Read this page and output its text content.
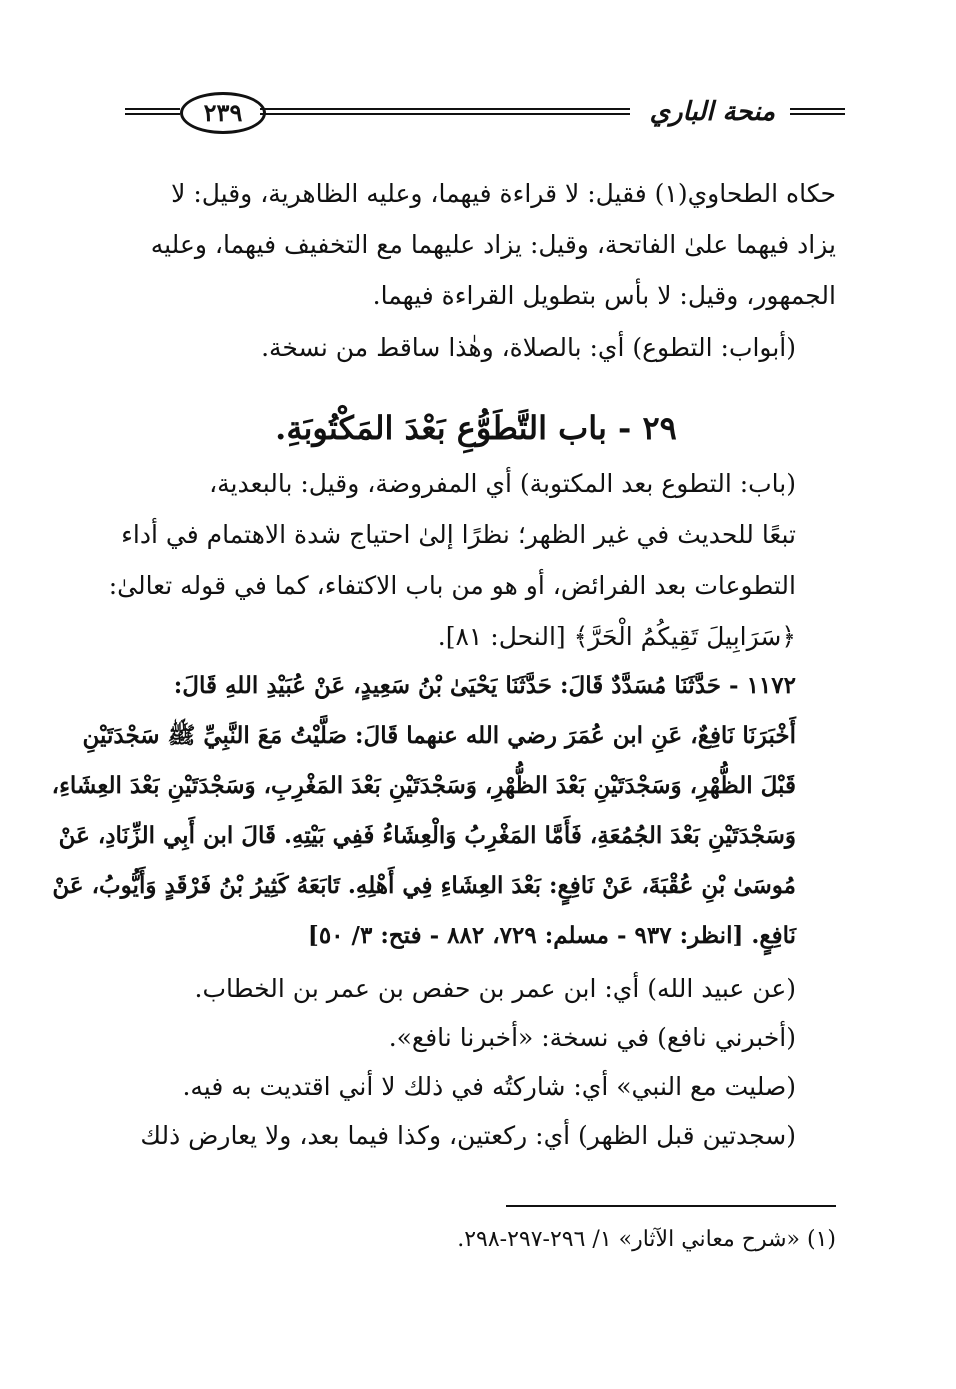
٢٣٩	منحة الباري
حكاه الطحاوي(١) فقيل: لا قراءة فيهما، وعليه الظاهرية، وقيل: لا
يزاد فيهما علىٰ الفاتحة، وقيل: يزاد عليهما مع التخفيف فيهما، وعليه
الجمهور، وقيل: لا بأس بتطويل القراءة فيهما.
(أبواب: التطوع) أي: بالصلاة، وهٰذا ساقط من نسخة.
٢٩ - باب التَّطَوُّعِ بَعْدَ المَكْتُوبَةِ.
(باب: التطوع بعد المكتوبة) أي المفروضة، وقيل: بالبعدية،
تبعًا للحديث في غير الظهر؛ نظرًا إلىٰ احتياج شدة الاهتمام في أداء
التطوعات بعد الفرائض، أو هو من باب الاكتفاء، كما في قوله تعالىٰ:
﴿سَرَابِيلَ تَقِيكُمُ الْحَرَّ﴾ [النحل: ٨١].
١١٧٢ - حَدَّثَنَا مُسَدَّدٌ قَالَ: حَدَّثَنَا يَحْيَىٰ بْنُ سَعِيدٍ، عَنْ عُبَيْدِ اللهِ قَالَ:
أَخْبَرَنَا نَافِعٌ، عَنِ ابن عُمَرَ رضي الله عنهما قَالَ: صَلَّيْتُ مَعَ النَّبِيِّ ﷺ سَجْدَتَيْنِ
قَبْلَ الظُّهْرِ، وَسَجْدَتَيْنِ بَعْدَ الظُّهْرِ، وَسَجْدَتَيْنِ بَعْدَ المَغْرِبِ، وَسَجْدَتَيْنِ بَعْدَ العِشَاءِ،
وَسَجْدَتَيْنِ بَعْدَ الجُمُعَةِ، فَأَمَّا المَغْرِبُ وَالْعِشَاءُ فَفِي بَيْتِهِ. قَالَ ابن أَبِي الزِّنَادِ، عَنْ
مُوسَىٰ بْنِ عُقْبَةَ، عَنْ نَافِعٍ: بَعْدَ العِشَاءِ فِي أَهْلِهِ. تَابَعَهُ كَثِيرُ بْنُ فَرْقَدٍ وَأَيُّوبُ، عَنْ
نَافِعٍ. [انظر: ٩٣٧ - مسلم: ٧٢٩، ٨٨٢ - فتح: ٣/ ٥٠]
(عن عبيد الله) أي: ابن عمر بن حفص بن عمر بن الخطاب.
(أخبرني نافع) في نسخة: «أخبرنا نافع».
(صليت مع النبي» أي: شاركتُه في ذلك لا أني اقتديت به فيه.
(سجدتين قبل الظهر) أي: ركعتين، وكذا فيما بعد، ولا يعارض ذلك
(١) «شرح معاني الآثار» ١/ ٢٩٦-٢٩٧-٢٩٨.
